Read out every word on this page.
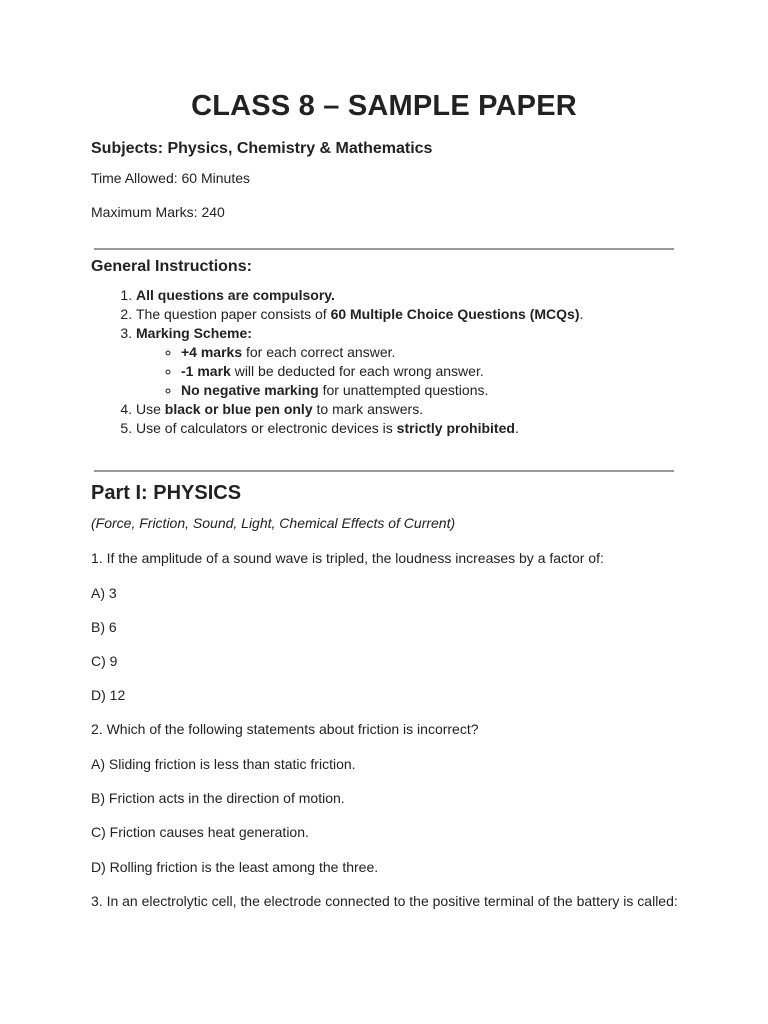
CLASS 8 – SAMPLE PAPER

Subjects: Physics, Chemistry & Mathematics

Time Allowed: 60 Minutes

Maximum Marks: 240

General Instructions:

1. All questions are compulsory.
2. The question paper consists of 60 Multiple Choice Questions (MCQs).
3. Marking Scheme:
◦ +4 marks for each correct answer.
◦ -1 mark will be deducted for each wrong answer.
◦ No negative marking for unattempted questions.
4. Use black or blue pen only to mark answers.
5. Use of calculators or electronic devices is strictly prohibited.
Part I: PHYSICS

(Force, Friction, Sound, Light, Chemical Effects of Current)

1. If the amplitude of a sound wave is tripled, the loudness increases by a factor of:

A) 3

B) 6

C) 9

D) 12

2. Which of the following statements about friction is incorrect?

A) Sliding friction is less than static friction.

B) Friction acts in the direction of motion.

C) Friction causes heat generation.

D) Rolling friction is the least among the three.

3. In an electrolytic cell, the electrode connected to the positive terminal of the battery is called:
